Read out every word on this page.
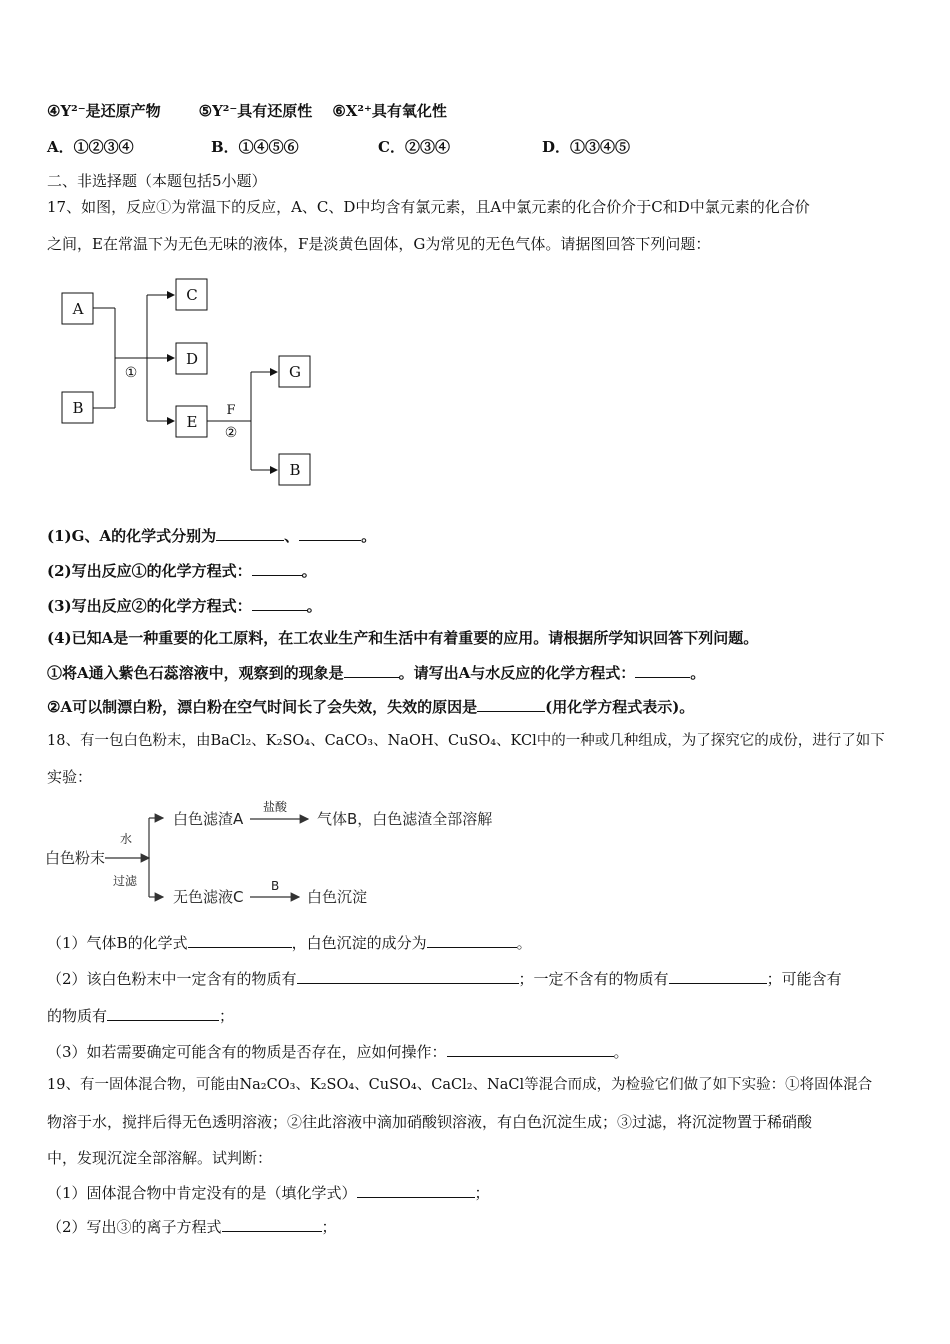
④Y²⁻是还原产物	⑤Y²⁻具有还原性 ⑥X²⁺具有氧化性
A．①②③④	B．①④⑤⑥	C．②③④	D．①③④⑤
二、非选择题（本题包括5小题）
17、如图，反应①为常温下的反应，A、C、D中均含有氯元素，且A中氯元素的化合价介于C和D中氯元素的化合价
之间，E在常温下为无色无味的液体，F是淡黄色固体，G为常见的无色气体。请据图回答下列问题：
A
B
C
D
E
G
B
①
F
②
(1)G、A的化学式分别为	、	。
(2)写出反应①的化学方程式：	。
(3)写出反应②的化学方程式：	。
(4)已知A是一种重要的化工原料，在工农业生产和生活中有着重要的应用。请根据所学知识回答下列问题。
①将A通入紫色石蕊溶液中，观察到的现象是	。请写出A与水反应的化学方程式：	。
②A可以制漂白粉，漂白粉在空气时间长了会失效，失效的原因是	(用化学方程式表示)。
18、有一包白色粉末，由BaCl₂、K₂SO₄、CaCO₃、NaOH、CuSO₄、KCl中的一种或几种组成，为了探究它的成份，进行了如下
实验：
白色粉末
水
过滤
白色滤渣A
盐酸
气体B，白色滤渣全部溶解
无色滤液C
B
白色沉淀
（1）气体B的化学式	，白色沉淀的成分为	。
（2）该白色粉末中一定含有的物质有	；一定不含有的物质有	；可能含有
的物质有	；
（3）如若需要确定可能含有的物质是否存在，应如何操作：	。
19、有一固体混合物，可能由Na₂CO₃、K₂SO₄、CuSO₄、CaCl₂、NaCl等混合而成，为检验它们做了如下实验：①将固体混合
物溶于水，搅拌后得无色透明溶液；②往此溶液中滴加硝酸钡溶液，有白色沉淀生成；③过滤，将沉淀物置于稀硝酸
中，发现沉淀全部溶解。试判断：
（1）固体混合物中肯定没有的是（填化学式）	；
（2）写出③的离子方程式	；
